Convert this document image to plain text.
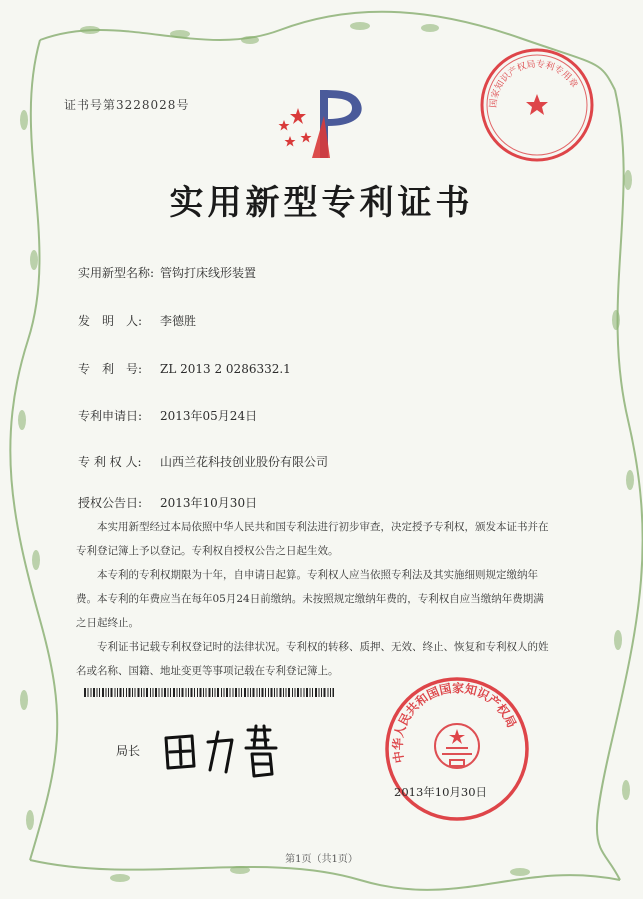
证书号第3228028号	国家知识产权局专利专用章
实用新型专利证书
实用新型名称: 管钩打床线形装置
发　明　人: 李德胜
专　利　号: ZL 2013 2 0286332.1
专利申请日: 2013年05月24日
专 利 权 人: 山西兰花科技创业股份有限公司
授权公告日: 2013年10月30日

本实用新型经过本局依照中华人民共和国专利法进行初步审查，决定授予专利权，颁发本证书并在专利登记簿上予以登记。专利权自授权公告之日起生效。

本专利的专利权期限为十年，自申请日起算。专利权人应当依照专利法及其实施细则规定缴纳年费。本专利的年费应当在每年05月24日前缴纳。未按照规定缴纳年费的，专利权自应当缴纳年费期满之日起终止。

专利证书记载专利权登记时的法律状况。专利权的转移、质押、无效、终止、恢复和专利权人的姓名或名称、国籍、地址变更等事项记载在专利登记簿上。

局长	中华人民共和国国家知识产权局
2013年10月30日
第1页（共1页）
